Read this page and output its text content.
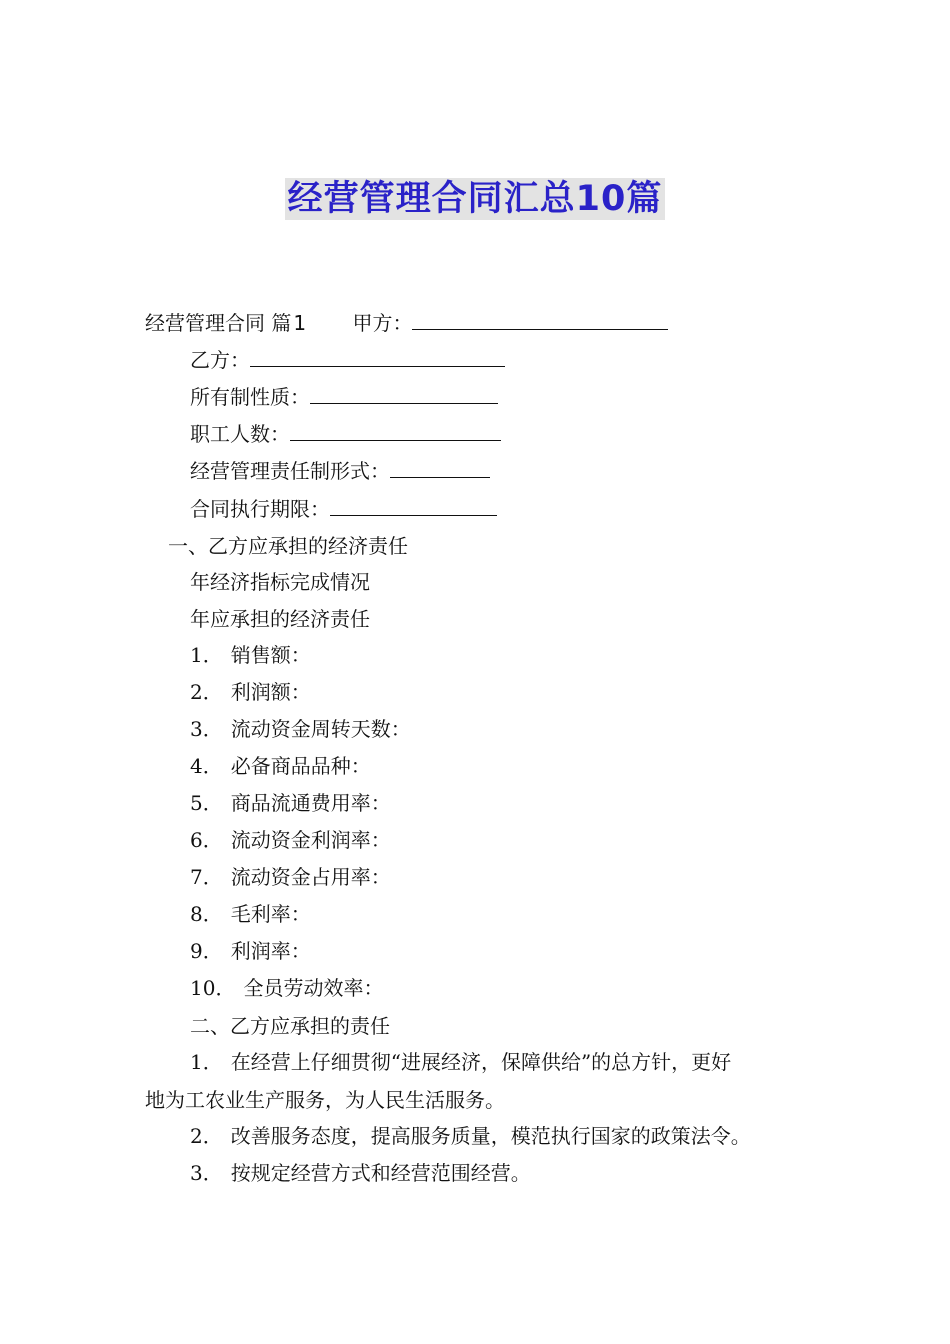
经营管理合同汇总10篇
经营管理合同 篇 1 甲方：
乙方：
所有制性质：
职工人数：
经营管理责任制形式：
合同执行期限：
一、乙方应承担的经济责任
年经济指标完成情况
年应承担的经济责任
1． 销售额：
2． 利润额：
3． 流动资金周转天数：
4． 必备商品品种：
5． 商品流通费用率：
6． 流动资金利润率：
7． 流动资金占用率：
8． 毛利率：
9． 利润率：
10． 全员劳动效率：
二、乙方应承担的责任
1． 在经营上仔细贯彻“进展经济，保障供给”的总方针，更好
地为工农业生产服务，为人民生活服务。
2． 改善服务态度，提高服务质量，模范执行国家的政策法令。
3． 按规定经营方式和经营范围经营。
